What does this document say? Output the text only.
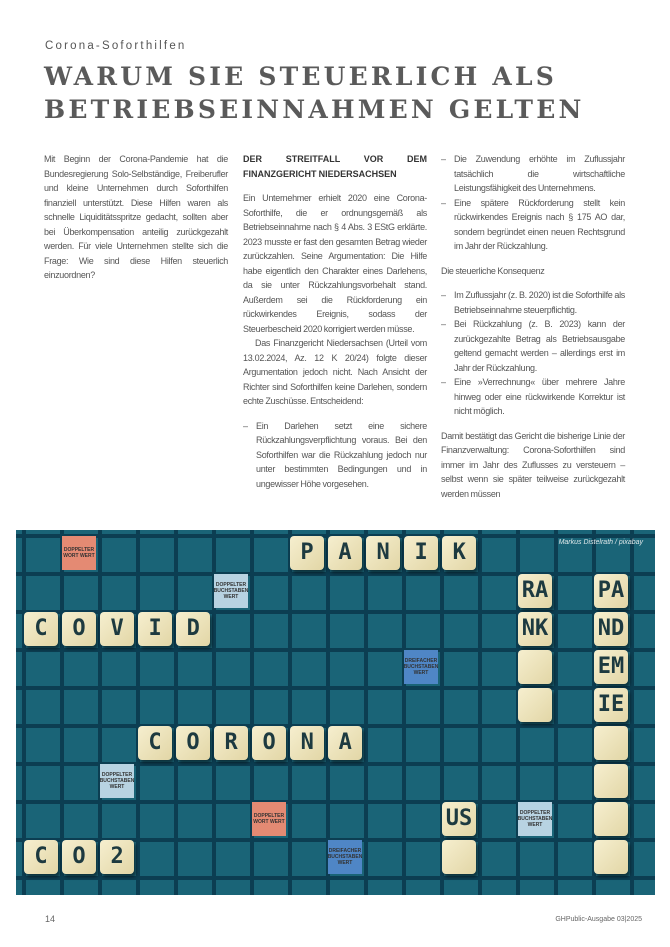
Corona-Soforthilfen
WARUM SIE STEUERLICH ALS
BETRIEBSEINNAHMEN GELTEN

Mit Beginn der Corona-Pandemie hat die Bundesregierung Solo-Selbständige, Freiberufler und kleine Unternehmen durch Soforthilfen finanziell unterstützt. Diese Hilfen waren als schnelle Liquiditätsspritze gedacht, sollten aber bei Überkompensation anteilig zurückgezahlt werden. Für viele Unternehmen stellte sich die Frage: Wie sind diese Hilfen steuerlich einzuordnen?

DER STREITFALL VOR DEM FINANZGERICHT NIEDERSACHSEN

Ein Unternehmer erhielt 2020 eine Corona-Soforthilfe, die er ordnungsgemäß als Betriebseinnahme nach § 4 Abs. 3 EStG erklärte. 2023 musste er fast den gesamten Betrag wieder zurückzahlen. Seine Argumentation: Die Hilfe habe eigentlich den Charakter eines Darlehens, da sie unter Rückzahlungsvorbehalt stand. Außerdem sei die Rückforderung ein rückwirkendes Ereignis, sodass der Steuerbescheid 2020 korrigiert werden müsse.

Das Finanzgericht Niedersachsen (Urteil vom 13.02.2024, Az. 12 K 20/24) folgte dieser Argumentation jedoch nicht. Nach Ansicht der Richter sind Soforthilfen keine Darlehen, sondern echte Zuschüsse. Entscheidend:

– Ein Darlehen setzt eine sichere Rückzahlungsverpflichtung voraus. Bei den Soforthilfen war die Rückzahlung jedoch nur unter bestimmten Bedingungen und in ungewisser Höhe vorgesehen.
– Die Zuwendung erhöhte im Zuflussjahr tatsächlich die wirtschaftliche Leistungsfähigkeit des Unternehmens.
– Eine spätere Rückforderung stellt kein rückwirkendes Ereignis nach § 175 AO dar, sondern begründet einen neuen Rechtsgrund im Jahr der Rückzahlung.

Die steuerliche Konsequenz

– Im Zuflussjahr (z. B. 2020) ist die Soforthilfe als Betriebseinnahme steuerpflichtig.
– Bei Rückzahlung (z. B. 2023) kann der zurückgezahlte Betrag als Betriebsausgabe geltend gemacht werden – allerdings erst im Jahr der Rückzahlung.
– Eine »Verrechnung« über mehrere Jahre hinweg oder eine rückwirkende Korrektur ist nicht möglich.

Damit bestätigt das Gericht die bisherige Linie der Finanzverwaltung: Corona-Soforthilfen sind immer im Jahr des Zuflusses zu versteuern – selbst wenn sie später teilweise zurückgezahlt werden müssen

DOPPELTER WORT WERT
DOPPELTER BUCHSTABEN WERT
DREIFACHER BUCHSTABEN WERT
DOPPELTER BUCHSTABEN WERT
DOPPELTER WORT WERT
DOPPELTER BUCHSTABEN WERT
DREIFACHER BUCHSTABEN WERT
COVID
PANIK
PANDEMIE
CORONA
RANK
CO2
US
Markus Distelrath / pixabay
14	GHPublic-Ausgabe 03|2025
